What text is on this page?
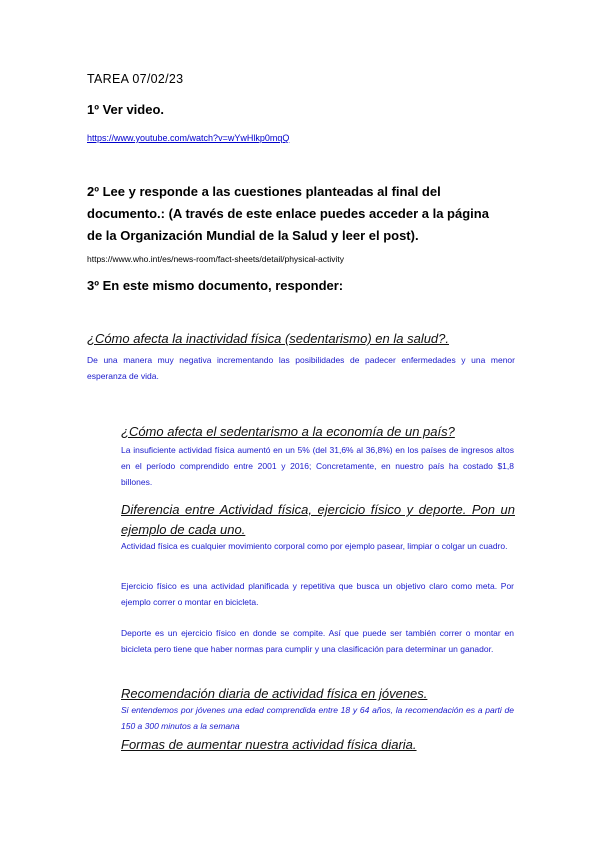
TAREA 07/02/23

1º Ver video.

https://www.youtube.com/watch?v=wYwHlkp0mqQ

2º Lee y responde a las cuestiones planteadas al final del documento.: (A través de este enlace puedes acceder a la página de la Organización Mundial de la Salud y leer el post).

https://www.who.int/es/news-room/fact-sheets/detail/physical-activity

3º En este mismo documento, responder:

¿Cómo afecta la inactividad física (sedentarismo) en la salud?.

De una manera muy negativa incrementando las posibilidades de padecer enfermedades y una menor esperanza de vida.

¿Cómo afecta el sedentarismo a la economía de un país?

La insuficiente actividad física aumentó en un 5% (del 31,6% al 36,8%) en los países de ingresos altos en el período comprendido entre 2001 y 2016; Concretamente, en nuestro país ha costado $1,8 billones.

Diferencia entre Actividad física, ejercicio físico y deporte. Pon un ejemplo de cada uno.

Actividad física es cualquier movimiento corporal como por ejemplo pasear, limpiar o colgar un cuadro.

Ejercicio físico es una actividad planificada y repetitiva que busca un objetivo claro como meta. Por ejemplo correr o montar en bicicleta.

Deporte es un ejercicio físico en donde se compite. Así que puede ser también correr o montar en bicicleta pero tiene que haber normas para cumplir y una clasificación para determinar un ganador.

Recomendación diaria de actividad física en jóvenes.

Si entendemos por jóvenes una edad comprendida entre 18 y 64 años, la recomendación es a parti de 150 a 300 minutos a la semana

Formas de aumentar nuestra actividad física diaria.
